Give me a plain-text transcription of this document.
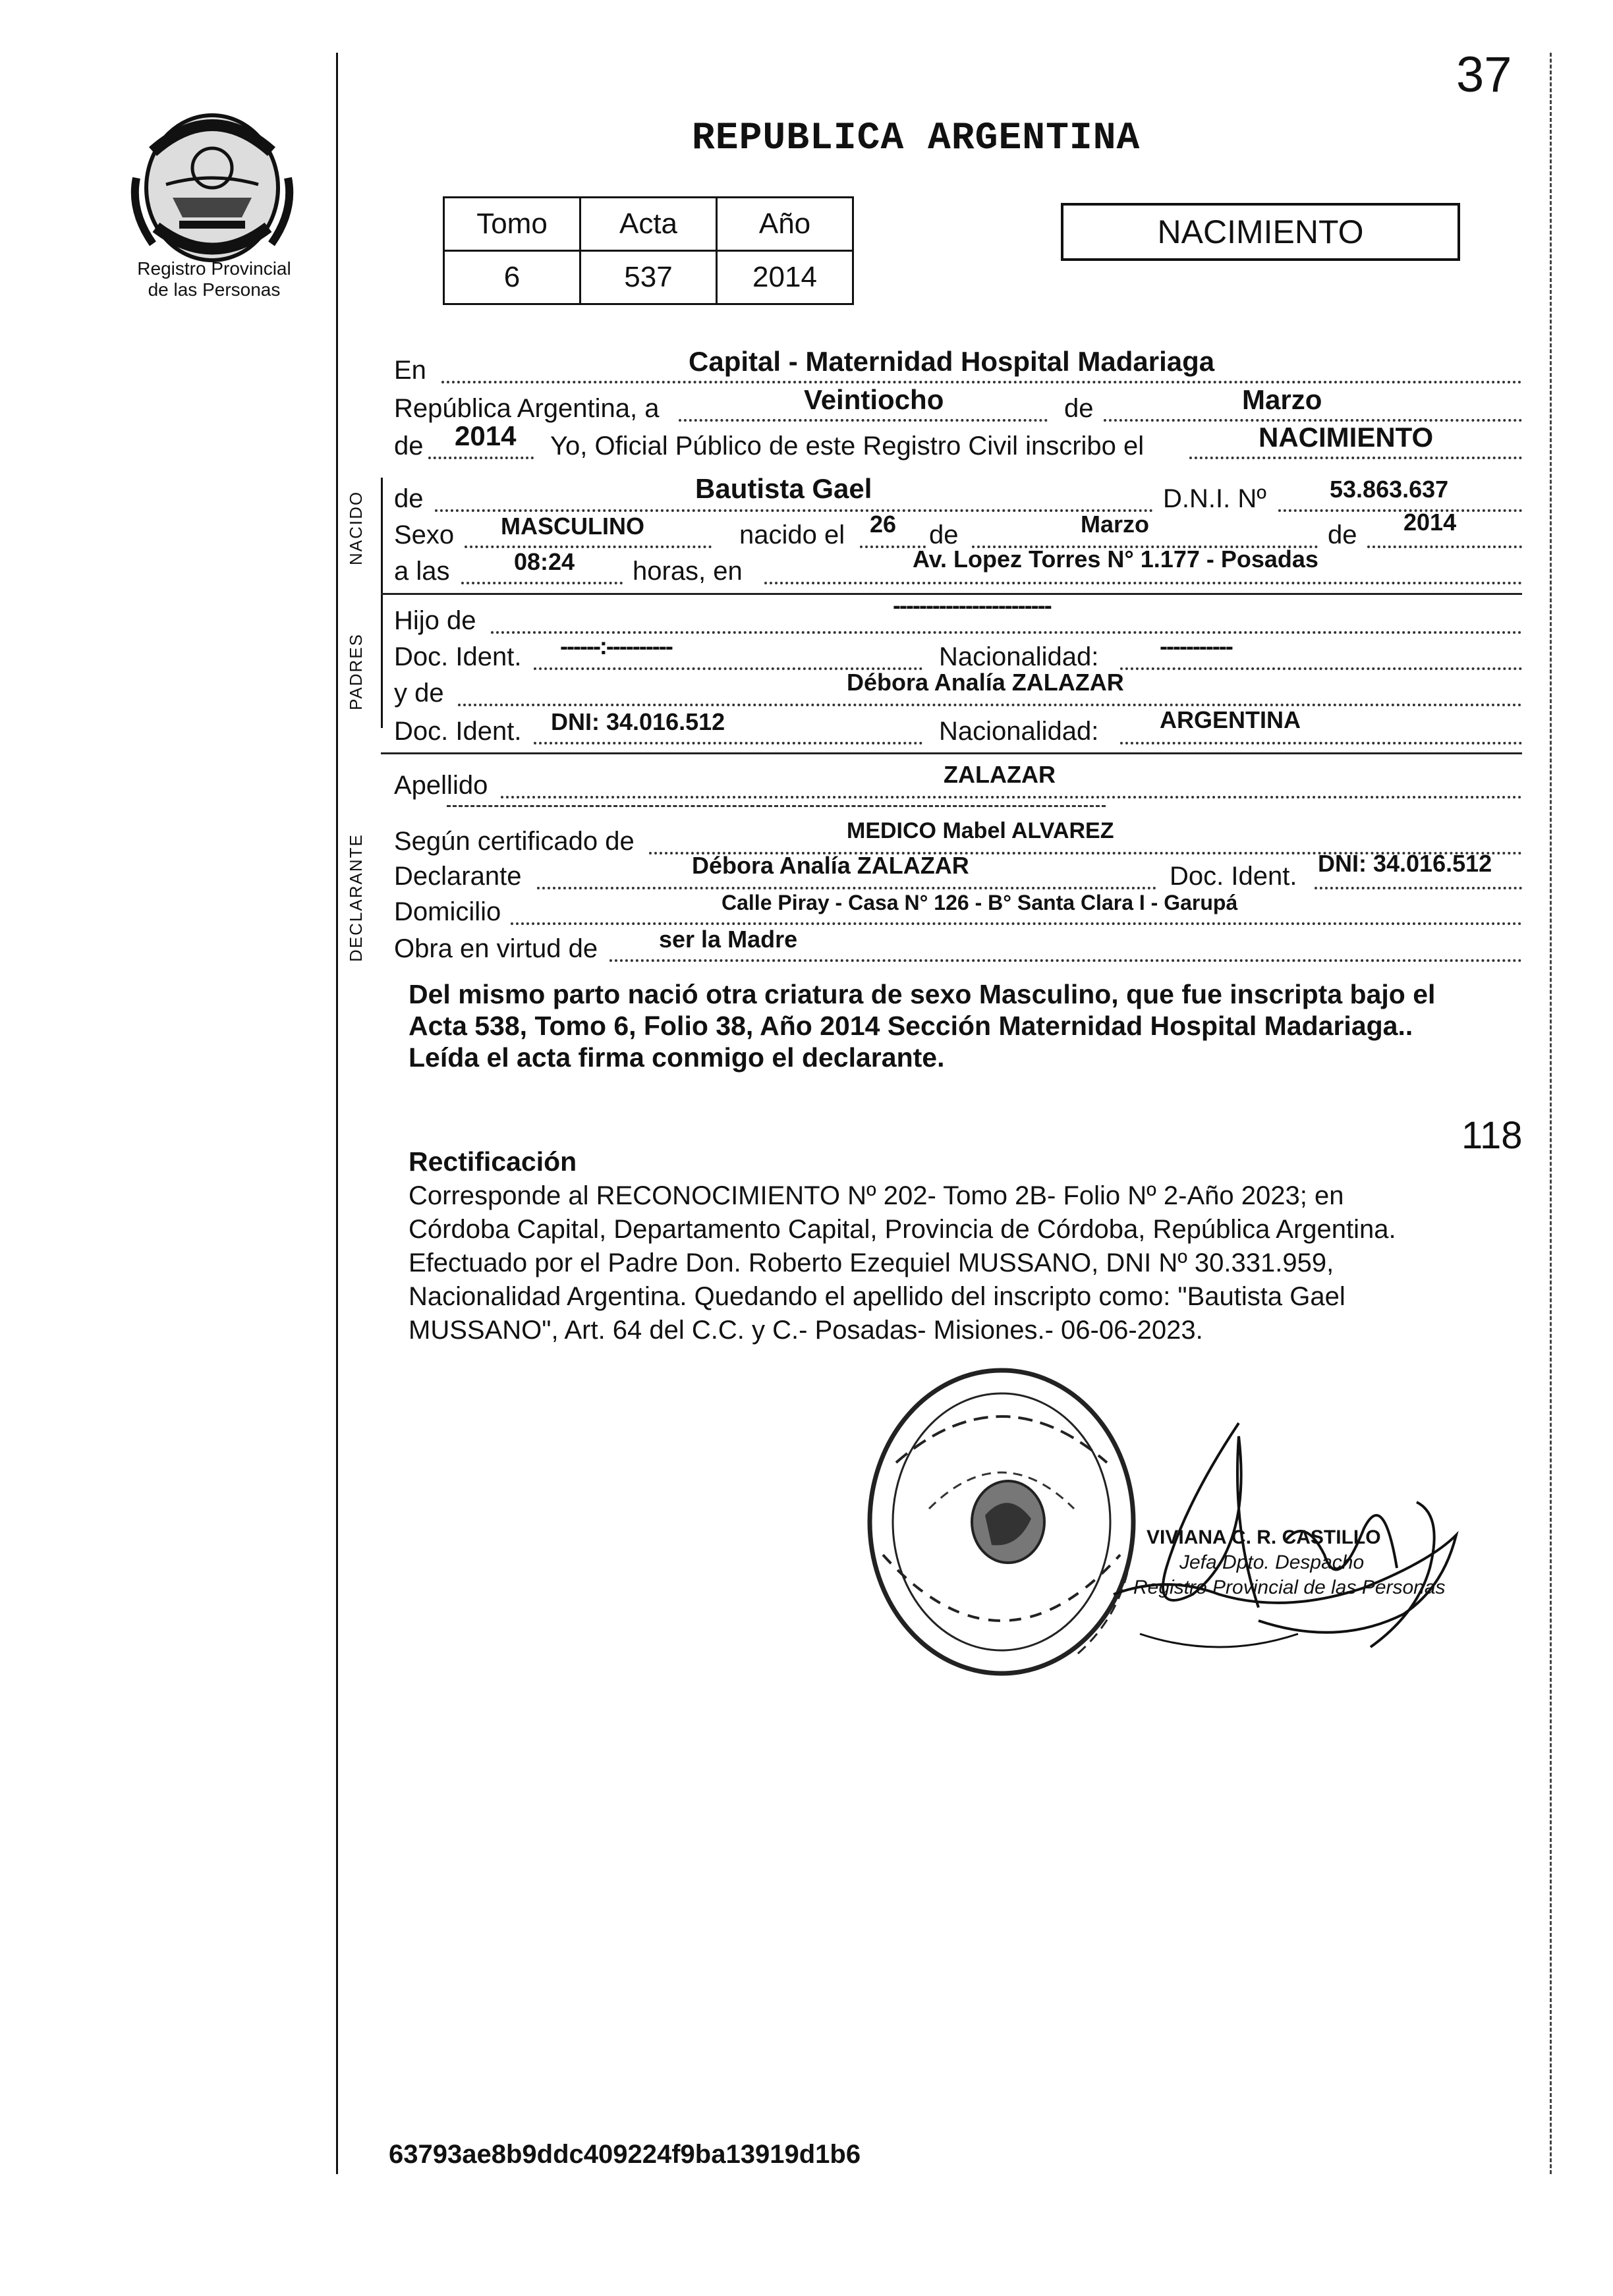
Registro Provincial
de las Personas
37
REPUBLICA ARGENTINA
Tomo	Acta	Año
6	537	2014
NACIMIENTO
NACIDO
PADRES
DECLARANTE
En	Capital - Maternidad Hospital Madariaga
República Argentina, a	Veintiocho	de	Marzo
de 2014 Yo, Oficial Público de este Registro Civil inscribo el	NACIMIENTO
de	Bautista Gael	D.N.I. Nº	53.863.637
Sexo MASCULINO	nacido el 26 de	Marzo	de 2014
a las	08:24 horas, en	Av. Lopez Torres N° 1.177 - Posadas
Hijo de
------------------------
Doc. Ident. ------:----------	Nacionalidad:	-----------
y de	Débora Analía ZALAZAR
Doc. Ident. DNI: 34.016.512	Nacionalidad:	ARGENTINA
Apellido	ZALAZAR
Según certificado de	MEDICO Mabel ALVAREZ
Declarante	Débora Analía ZALAZAR	Doc. Ident. DNI: 34.016.512
Domicilio	Calle Piray - Casa N° 126 - B° Santa Clara I - Garupá
Obra en virtud de	ser la Madre
Del mismo parto nació otra criatura de sexo Masculino, que fue inscripta bajo el
Acta 538, Tomo 6, Folio 38, Año 2014 Sección Maternidad Hospital Madariaga..
Leída el acta firma conmigo el declarante.
118
Rectificación
Corresponde al RECONOCIMIENTO Nº 202- Tomo 2B- Folio Nº 2-Año 2023; en
Córdoba Capital, Departamento Capital, Provincia de Córdoba, República Argentina.
Efectuado por el Padre Don. Roberto Ezequiel MUSSANO, DNI Nº 30.331.959,
Nacionalidad Argentina. Quedando el apellido del inscripto como: "Bautista Gael
MUSSANO", Art. 64 del C.C. y C.- Posadas- Misiones.- 06-06-2023.
VIVIANA C. R. CASTILLO
Jefa Dpto. Despacho
Registro Provincial de las Personas
63793ae8b9ddc409224f9ba13919d1b6
